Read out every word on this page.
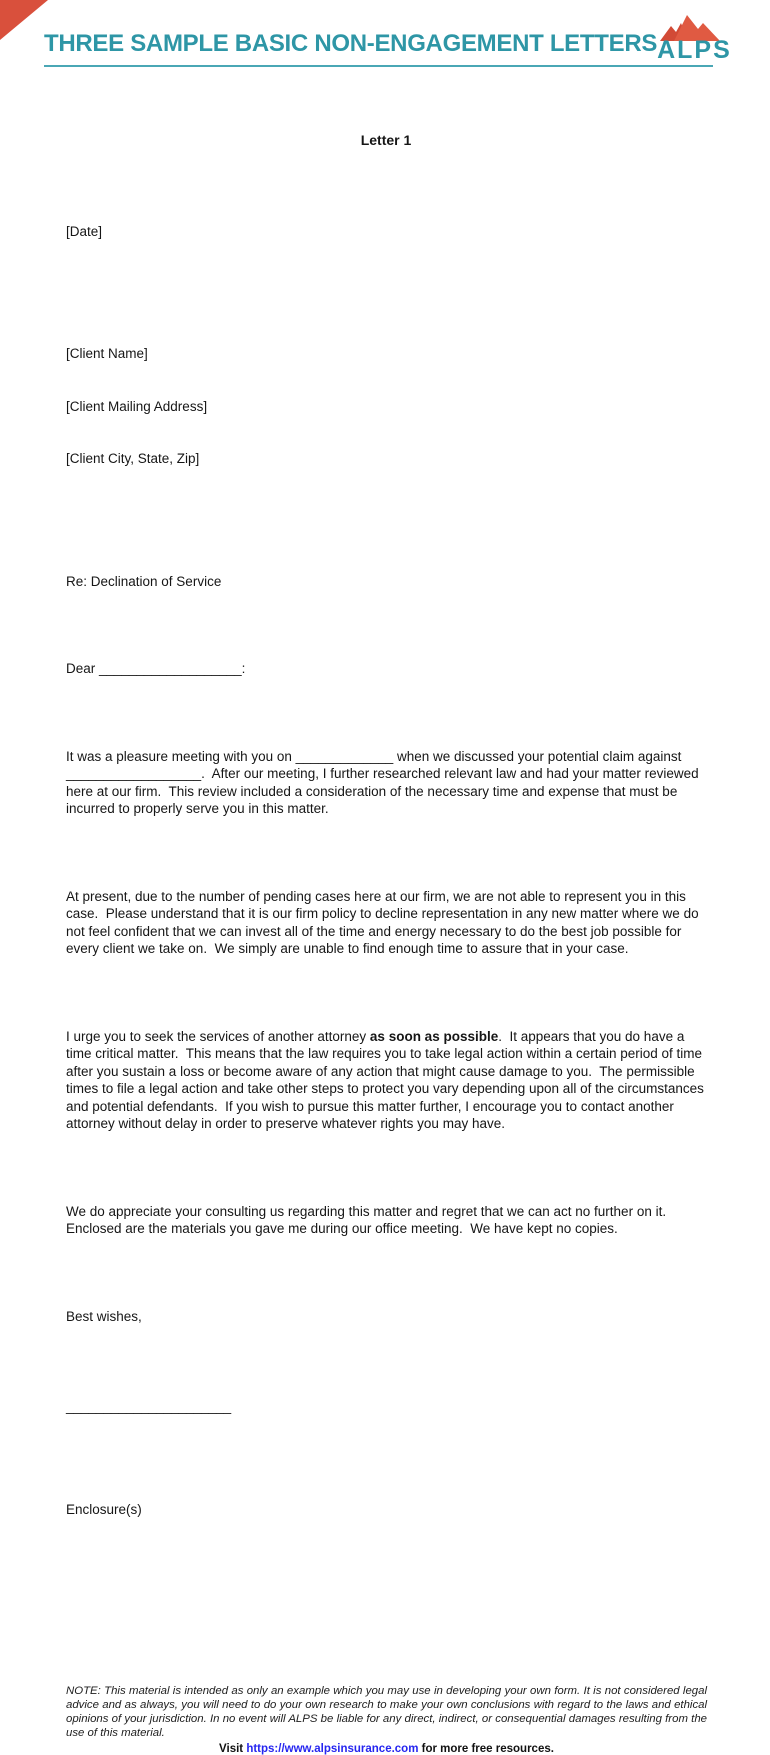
THREE SAMPLE BASIC NON-ENGAGEMENT LETTERS ALPS

Letter 1

[Date]

[Client Name]

[Client Mailing Address]

[Client City, State, Zip]

Re: Declination of Service

Dear ___________________:

It was a pleasure meeting with you on _____________ when we discussed your potential claim against __________________.  After our meeting, I further researched relevant law and had your matter reviewed here at our firm.  This review included a consideration of the necessary time and expense that must be incurred to properly serve you in this matter.

At present, due to the number of pending cases here at our firm, we are not able to represent you in this case.  Please understand that it is our firm policy to decline representation in any new matter where we do not feel confident that we can invest all of the time and energy necessary to do the best job possible for every client we take on.  We simply are unable to find enough time to assure that in your case.

I urge you to seek the services of another attorney as soon as possible.  It appears that you do have a time critical matter.  This means that the law requires you to take legal action within a certain period of time after you sustain a loss or become aware of any action that might cause damage to you.  The permissible times to file a legal action and take other steps to protect you vary depending upon all of the circumstances and potential defendants.  If you wish to pursue this matter further, I encourage you to contact another attorney without delay in order to preserve whatever rights you may have.

We do appreciate your consulting us regarding this matter and regret that we can act no further on it.  Enclosed are the materials you gave me during our office meeting.  We have kept no copies.

Best wishes,

______________________

Enclosure(s)

NOTE: This material is intended as only an example which you may use in developing your own form. It is not considered legal advice and as always, you will need to do your own research to make your own conclusions with regard to the laws and ethical opinions of your jurisdiction. In no event will ALPS be liable for any direct, indirect, or consequential damages resulting from the use of this material.

Visit https://www.alpsinsurance.com for more free resources.
